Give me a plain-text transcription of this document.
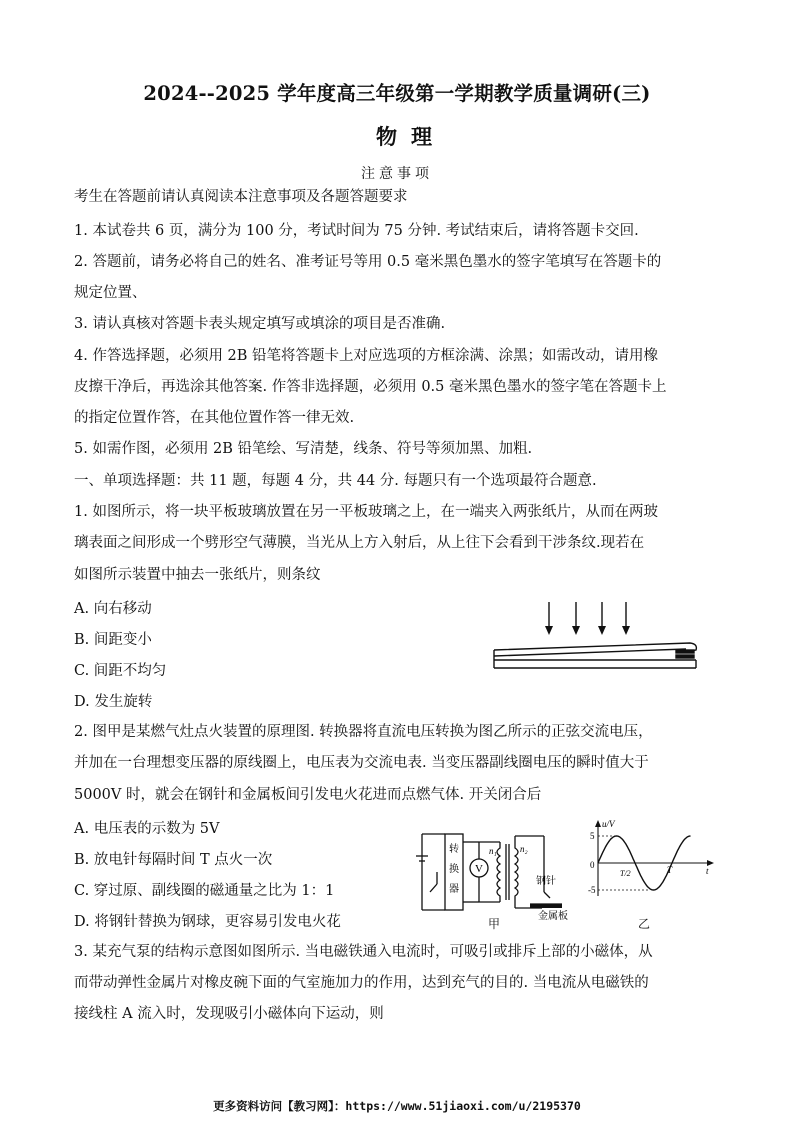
2024--2025 学年度高三年级第一学期教学质量调研(三)
物理
注意事项
考生在答题前请认真阅读本注意事项及各题答题要求
1. 本试卷共 6 页，满分为 100 分，考试时间为 75 分钟. 考试结束后，请将答题卡交回.
2. 答题前，请务必将自己的姓名、准考证号等用 0.5 毫米黑色墨水的签字笔填写在答题卡的
规定位置、
3. 请认真核对答题卡表头规定填写或填涂的项目是否准确.
4. 作答选择题，必须用 2B 铅笔将答题卡上对应选项的方框涂满、涂黑；如需改动，请用橡
皮擦干净后，再选涂其他答案. 作答非选择题，必须用 0.5 毫米黑色墨水的签字笔在答题卡上
的指定位置作答，在其他位置作答一律无效.
5. 如需作图，必须用 2B 铅笔绘、写清楚，线条、符号等须加黑、加粗.
一、单项选择题：共 11 题，每题 4 分，共 44 分. 每题只有一个选项最符合题意.
1. 如图所示，将一块平板玻璃放置在另一平板玻璃之上，在一端夹入两张纸片，从而在两玻
璃表面之间形成一个劈形空气薄膜，当光从上方入射后，从上往下会看到干涉条纹.现若在
如图所示装置中抽去一张纸片，则条纹
A. 向右移动
B. 间距变小
C. 间距不均匀
D. 发生旋转
2. 图甲是某燃气灶点火装置的原理图. 转换器将直流电压转换为图乙所示的正弦交流电压，
并加在一台理想变压器的原线圈上，电压表为交流电表. 当变压器副线圈电压的瞬时值大于
5000V 时，就会在钢针和金属板间引发电火花进而点燃气体. 开关闭合后
A. 电压表的示数为 5V
B. 放电针每隔时间 T 点火一次
C. 穿过原、副线圈的磁通量之比为 1：1
D. 将钢针替换为钢球，更容易引发电火花
转
换
器
V
n₁	n₂
钢针
金属板
甲
u/V
t
0
5
-5
T/2	T
乙
3. 某充气泵的结构示意图如图所示. 当电磁铁通入电流时，可吸引或排斥上部的小磁体，从
而带动弹性金属片对橡皮碗下面的气室施加力的作用，达到充气的目的. 当电流从电磁铁的
接线柱 A 流入时，发现吸引小磁体向下运动，则
更多资料访问【教习网】：https://www.51jiaoxi.com/u/2195370
